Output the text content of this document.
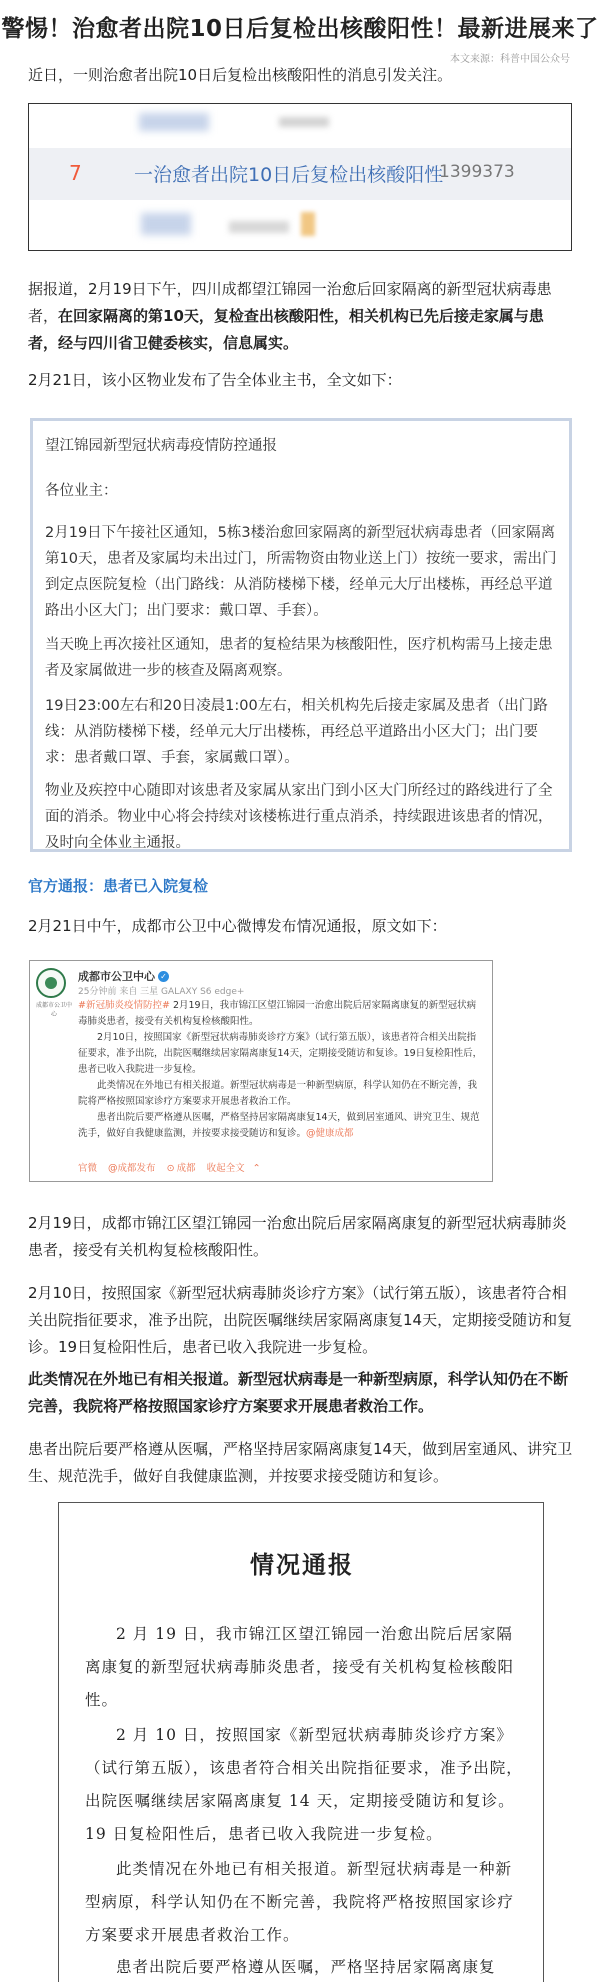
警惕！治愈者出院10日后复检出核酸阳性！最新进展来了
本文来源：科普中国公众号
近日，一则治愈者出院10日后复检出核酸阳性的消息引发关注。
7	一治愈者出院10日后复检出核酸阳性
1399373
据报道，2月19日下午，四川成都望江锦园一治愈后回家隔离的新型冠状病毒患者，在回家隔离的第10天，复检查出核酸阳性，相关机构已先后接走家属与患者，经与四川省卫健委核实，信息属实。
2月21日，该小区物业发布了告全体业主书，全文如下：
望江锦园新型冠状病毒疫情防控通报
各位业主：
2月19日下午接社区通知，5栋3楼治愈回家隔离的新型冠状病毒患者（回家隔离第10天，患者及家属均未出过门，所需物资由物业送上门）按统一要求，需出门到定点医院复检（出门路线：从消防楼梯下楼，经单元大厅出楼栋，再经总平道路出小区大门；出门要求：戴口罩、手套）。
当天晚上再次接社区通知，患者的复检结果为核酸阳性，医疗机构需马上接走患者及家属做进一步的核查及隔离观察。
19日23:00左右和20日凌晨1:00左右，相关机构先后接走家属及患者（出门路线：从消防楼梯下楼，经单元大厅出楼栋，再经总平道路出小区大门；出门要求：患者戴口罩、手套，家属戴口罩）。
物业及疾控中心随即对该患者及家属从家出门到小区大门所经过的路线进行了全面的消杀。物业中心将会持续对该楼栋进行重点消杀，持续跟进该患者的情况，及时向全体业主通报。
官方通报：患者已入院复检
2月21日中午，成都市公卫中心微博发布情况通报，原文如下：
成都市公卫中心
成都市公卫中心 ✓
25分钟前 来自 三星 GALAXY S6 edge+
#新冠肺炎疫情防控# 2月19日，我市锦江区望江锦园一治愈出院后居家隔离康复的新型冠状病毒肺炎患者，接受有关机构复检核酸阳性。
2月10日，按照国家《新型冠状病毒肺炎诊疗方案》（试行第五版），该患者符合相关出院指征要求，准予出院，出院医嘱继续居家隔离康复14天，定期接受随访和复诊。19日复检阳性后，患者已收入我院进一步复检。
此类情况在外地已有相关报道。新型冠状病毒是一种新型病原，科学认知仍在不断完善，我院将严格按照国家诊疗方案要求开展患者救治工作。
患者出院后要严格遵从医嘱，严格坚持居家隔离康复14天，做到居室通风、讲究卫生、规范洗手，做好自我健康监测，并按要求接受随访和复诊。@健康成都
官微 @成都发布 ⊙ 成都 收起全文 ⌃
2月19日，成都市锦江区望江锦园一治愈出院后居家隔离康复的新型冠状病毒肺炎患者，接受有关机构复检核酸阳性。
2月10日，按照国家《新型冠状病毒肺炎诊疗方案》（试行第五版），该患者符合相关出院指征要求，准予出院，出院医嘱继续居家隔离康复14天，定期接受随访和复诊。19日复检阳性后，患者已收入我院进一步复检。
此类情况在外地已有相关报道。新型冠状病毒是一种新型病原，科学认知仍在不断完善，我院将严格按照国家诊疗方案要求开展患者救治工作。
患者出院后要严格遵从医嘱，严格坚持居家隔离康复14天，做到居室通风、讲究卫生、规范洗手，做好自我健康监测，并按要求接受随访和复诊。
情况通报
2 月 19 日，我市锦江区望江锦园一治愈出院后居家隔离康复的新型冠状病毒肺炎患者，接受有关机构复检核酸阳性。
2 月 10 日，按照国家《新型冠状病毒肺炎诊疗方案》（试行第五版），该患者符合相关出院指征要求，准予出院，出院医嘱继续居家隔离康复 14 天，定期接受随访和复诊。19 日复检阳性后，患者已收入我院进一步复检。
此类情况在外地已有相关报道。新型冠状病毒是一种新型病原，科学认知仍在不断完善，我院将严格按照国家诊疗方案要求开展患者救治工作。
患者出院后要严格遵从医嘱，严格坚持居家隔离康复
